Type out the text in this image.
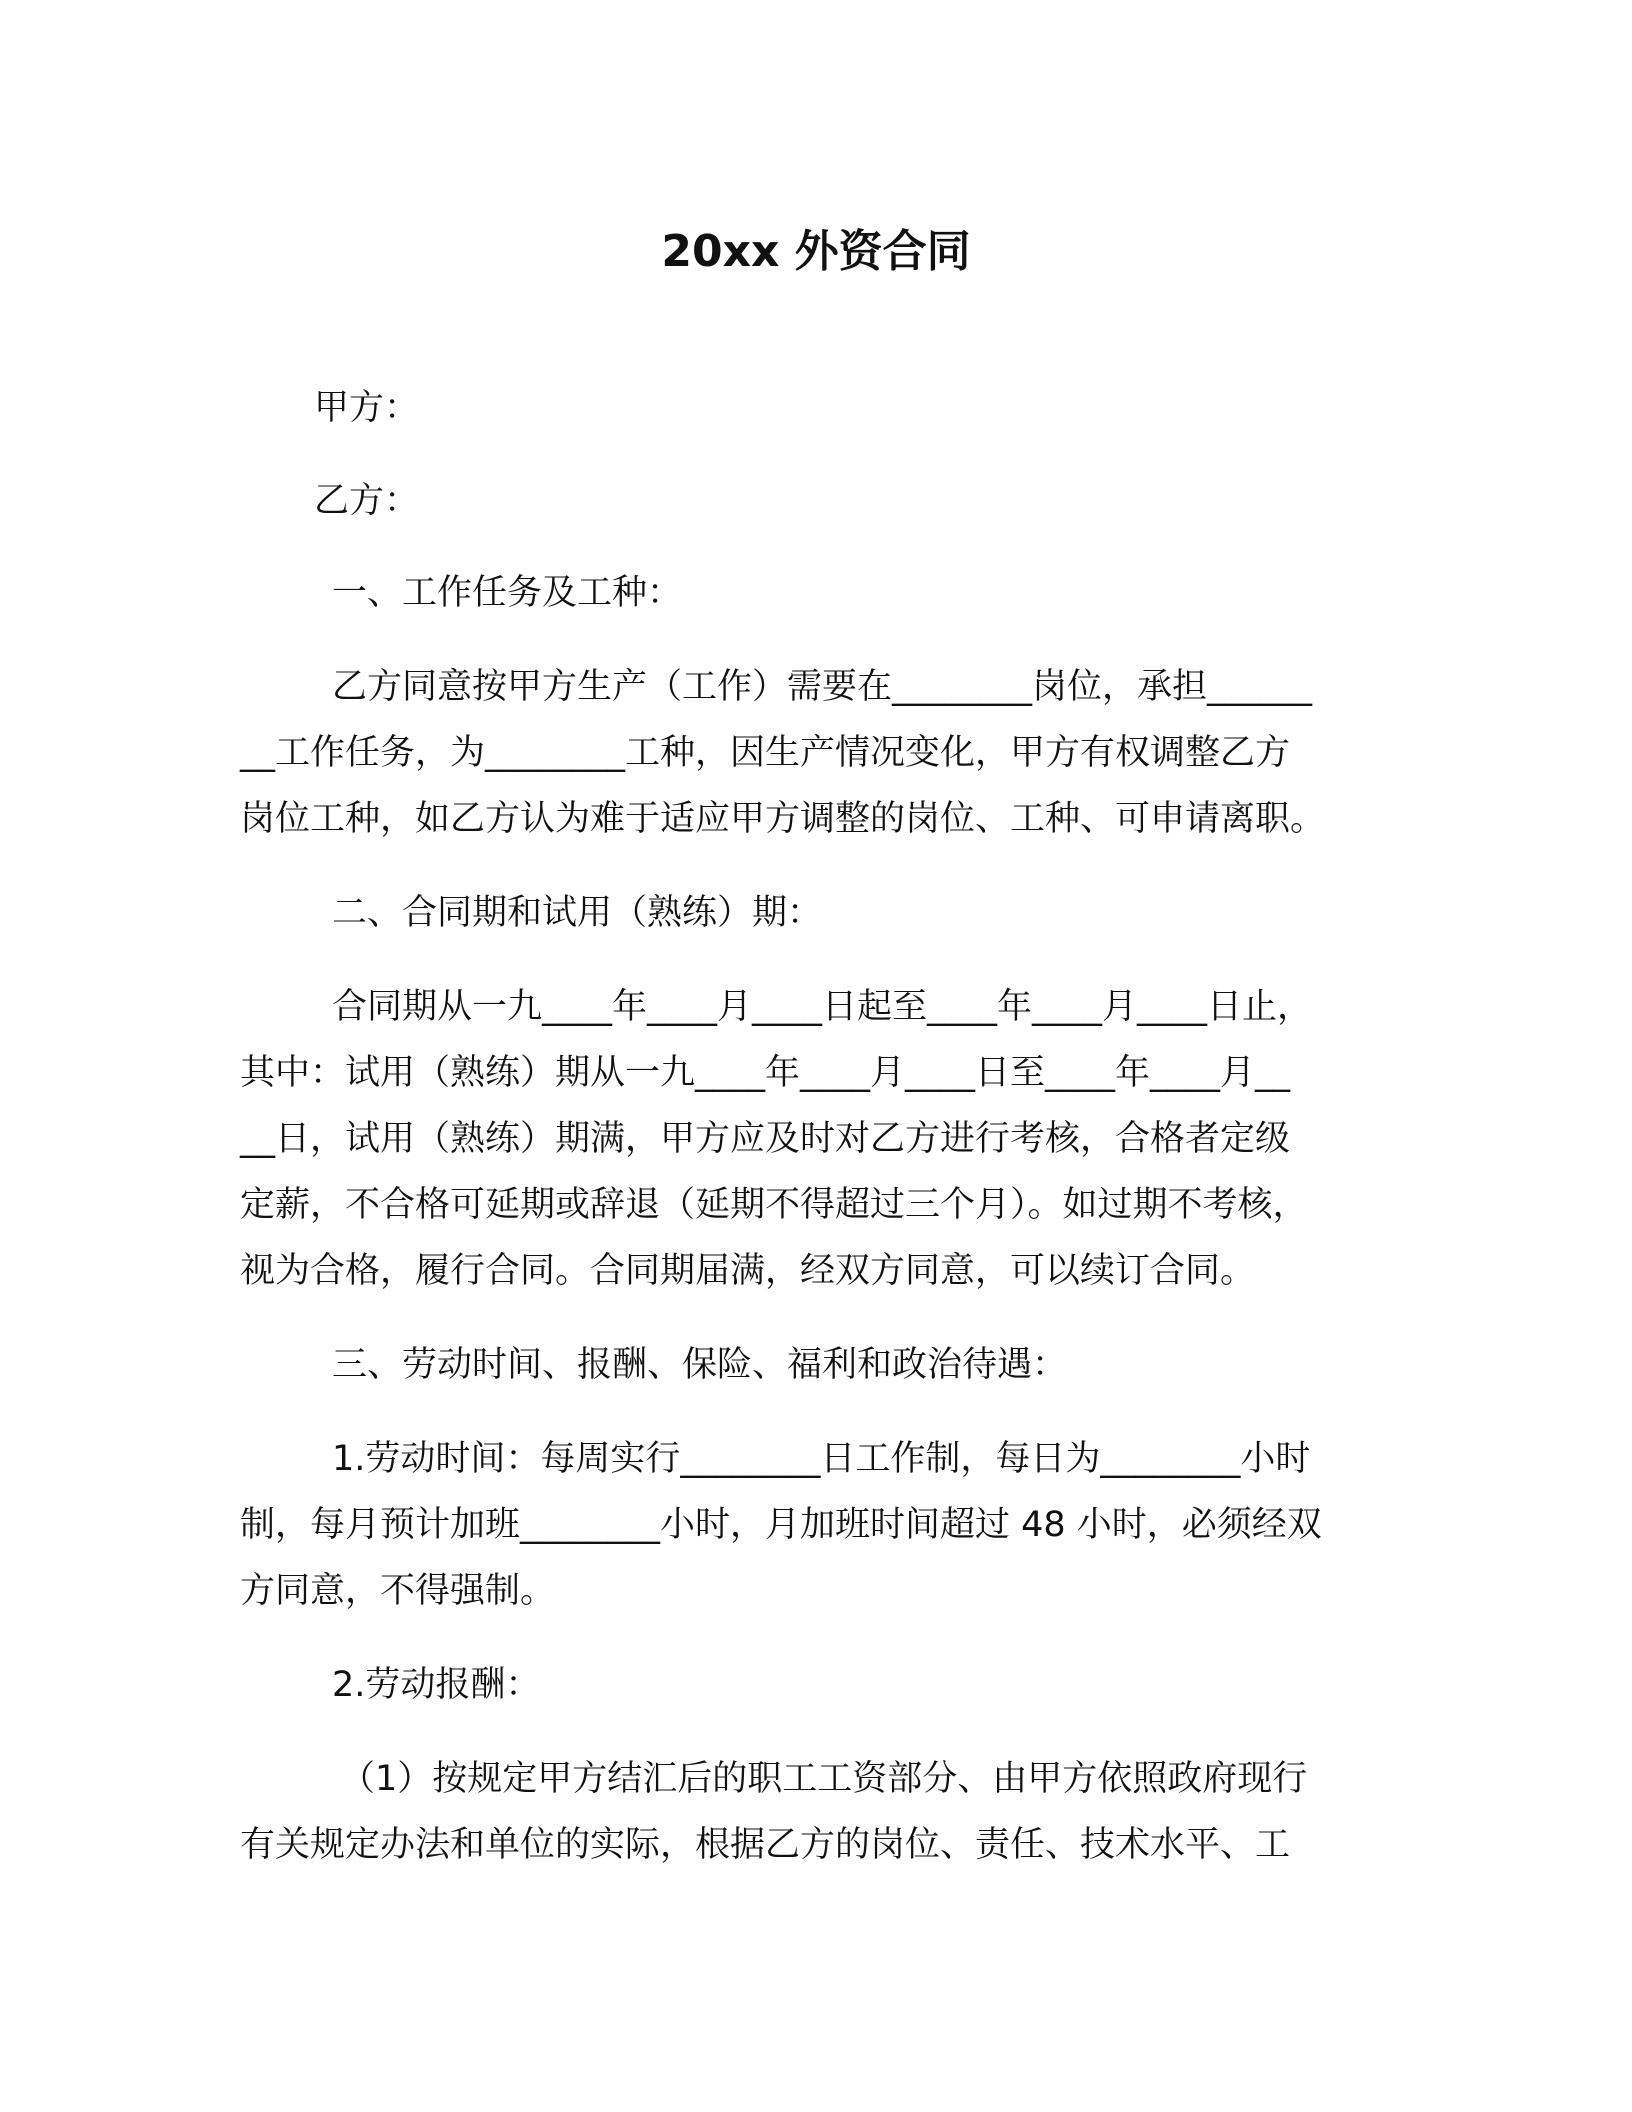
20xx 外资合同
甲方：
乙方：
一、工作任务及工种：
乙方同意按甲方生产（工作）需要在________岗位，承担______
__工作任务，为________工种，因生产情况变化，甲方有权调整乙方
岗位工种，如乙方认为难于适应甲方调整的岗位、工种、可申请离职。
二、合同期和试用（熟练）期：
合同期从一九____年____月____日起至____年____月____日止，
其中：试用（熟练）期从一九____年____月____日至____年____月__
__日，试用（熟练）期满，甲方应及时对乙方进行考核，合格者定级
定薪，不合格可延期或辞退（延期不得超过三个月）。如过期不考核，
视为合格，履行合同。合同期届满，经双方同意，可以续订合同。
三、劳动时间、报酬、保险、福利和政治待遇：
1.劳动时间：每周实行________日工作制，每日为________小时
制，每月预计加班________小时，月加班时间超过 48 小时，必须经双
方同意，不得强制。
2.劳动报酬：
（1）按规定甲方结汇后的职工工资部分、由甲方依照政府现行
有关规定办法和单位的实际，根据乙方的岗位、责任、技术水平、工
